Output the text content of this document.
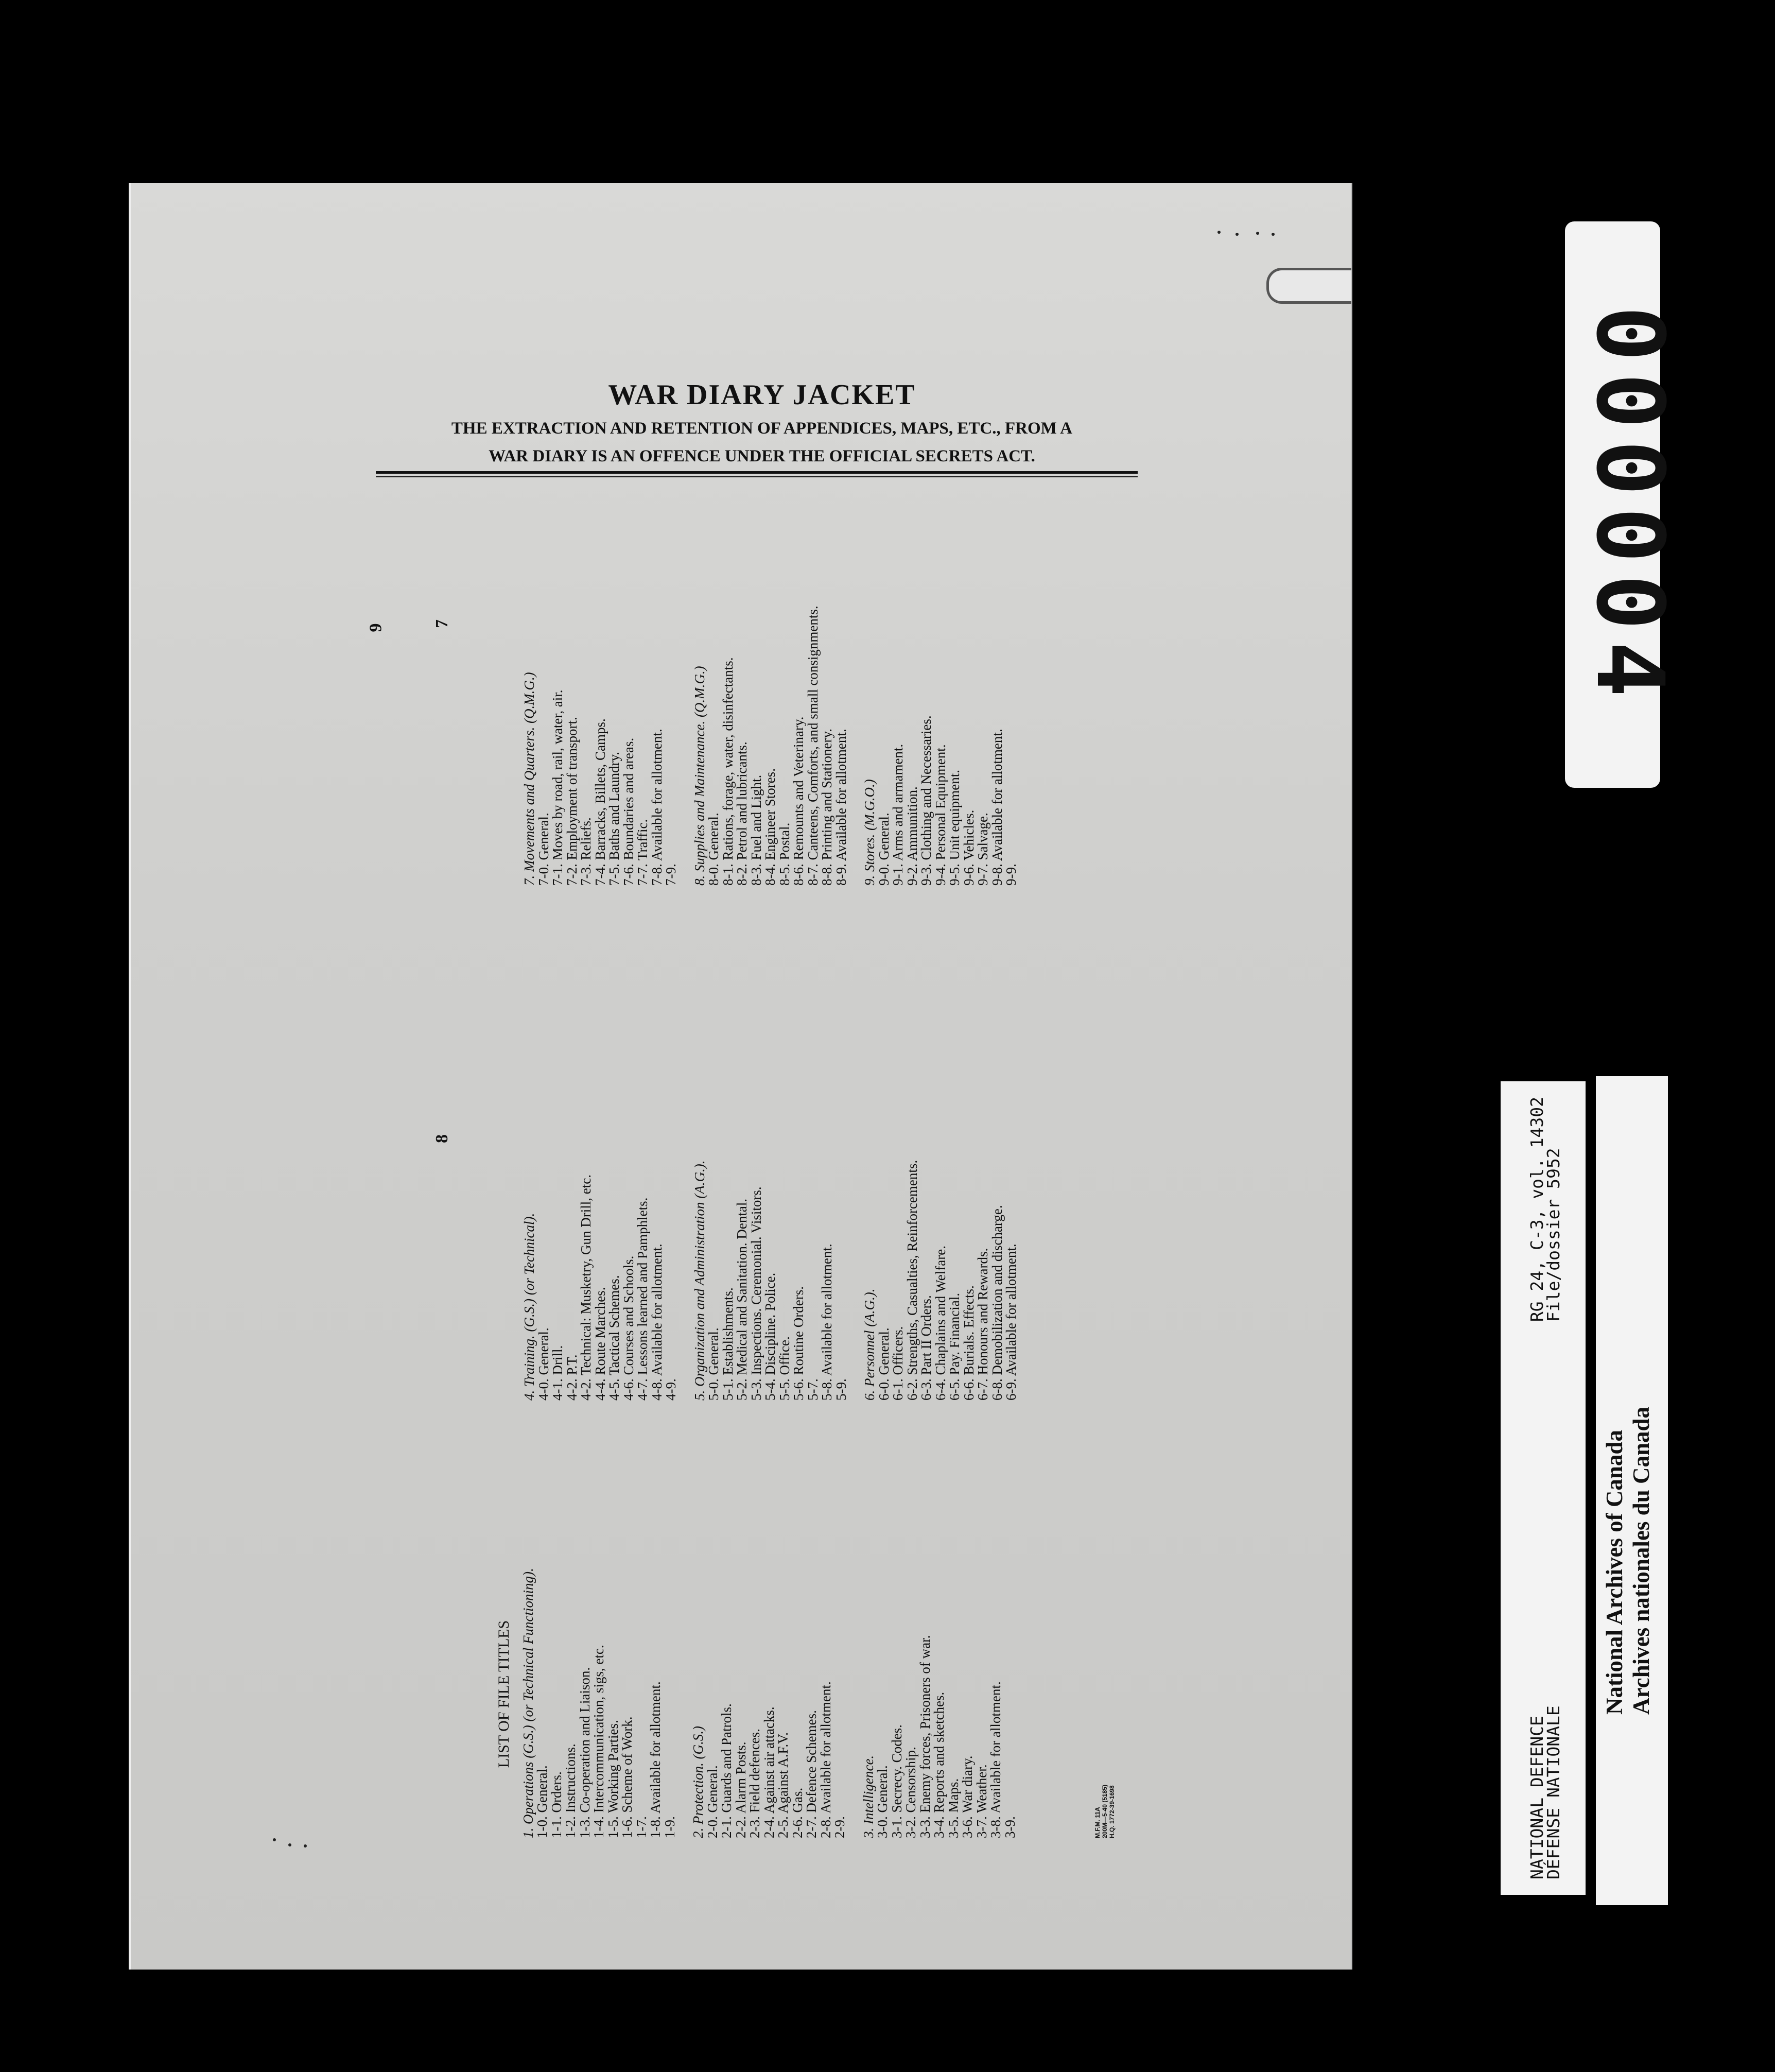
WAR DIARY JACKET
THE EXTRACTION AND RETENTION OF APPENDICES, MAPS, ETC., FROM A
WAR DIARY IS AN OFFENCE UNDER THE OFFICIAL SECRETS ACT.
7
8
LIST OF FILE TITLES 1. Operations (G.S.) (or Technical Functioning).
1-0. General.
1-1. Orders.
1-2. Instructions.
1-3. Co-operation and Liaison.
1-4. Intercommunication, sigs, etc.
1-5. Working Parties.
1-6. Scheme of Work.
1-7.
1-8. Available for allotment.
1-9. 2. Protection. (G.S.)
2-0. General.
2-1. Guards and Patrols.
2-2. Alarm Posts.
2-3. Field defences.
2-4. Against air attacks.
2-5. Against A.F.V.
2-6. Gas.
2-7. Defence Schemes.
2-8. Available for allotment.
2-9. 3. Intelligence.
3-0. General.
3-1. Secrecy. Codes.
3-2. Censorship.
3-3. Enemy forces, Prisoners of war.
3-4. Reports and sketches.
3-5. Maps.
3-6. War diary.
3-7. Weather.
3-8. Available for allotment.
3-9.	M.F.M. 11A 200M—5-40 (5185) H.Q. 1772-39-1698
4. Training. (G.S.) (or Technical).
4-0. General.
4-1. Drill.
4-2. P.T.
4-2. Technical: Musketry, Gun Drill, etc.
4-4. Route Marches.
4-5. Tactical Schemes.
4-6. Courses and Schools.
4-7. Lessons learned and Pamphlets.
4-8. Available for allotment.
4-9. 5. Organization and Administration (A.G.).
5-0. General.
5-1. Establishments.
5-2. Medical and Sanitation. Dental.
5-3. Inspections. Ceremonial. Visitors.
5-4. Discipline. Police.
5-5. Office.
5-6. Routine Orders.
5-7.
5-8. Available for allotment.
5-9. 6. Personnel (A.G.).
6-0. General.
6-1. Officers.
6-2. Strengths, Casualties, Reinforcements.
6-3. Part II Orders.
6-4. Chaplains and Welfare.
6-5. Pay. Financial.
6-6. Burials. Effects.
6-7. Honours and Rewards.
6-8. Demobilization and discharge.
6-9. Available for allotment.
7. Movements and Quarters. (Q.M.G.)
7-0. General.
7-1. Moves by road, rail, water, air.
7-2. Employment of transport.
7-3. Reliefs.
7-4. Barracks, Billets, Camps.
7-5. Baths and Laundry.
7-6. Boundaries and areas.
7-7. Traffic.
7-8. Available for allotment.
7-9. 8. Supplies and Maintenance. (Q.M.G.)
8-0. General.
8-1. Rations, forage, water, disinfectants.
8-2. Petrol and lubricants.
8-3. Fuel and Light.
8-4. Engineer Stores.
8-5. Postal.
8-6. Remounts and Veterinary.
8-7. Canteens, Comforts, and small consignments.
8-8. Printing and Stationery.
8-9. Available for allotment. 9. Stores. (M.G.O.)
9-0. General.
9-1. Arms and armament.
9-2. Ammunition.
9-3. Clothing and Necessaries.
9-4. Personal Equipment.
9-5. Unit equipment.
9-6. Vehicles.
9-7. Salvage.
9-8. Available for allotment.
9-9.
9	000004
NATIONAL DEFENCE
DÉFENSE NATIONALE
RG 24, C-3, vol. 14302
File/dossier 5952
National Archives of Canada Archives nationales du Canada
